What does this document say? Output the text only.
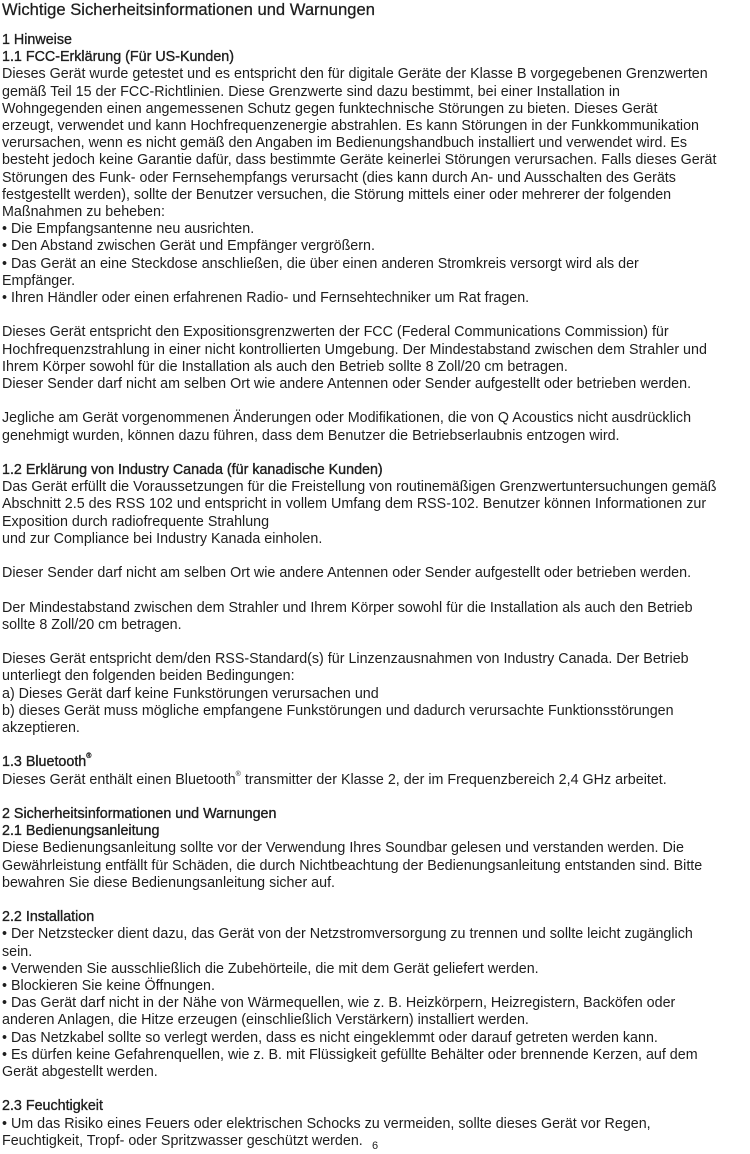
Wichtige Sicherheitsinformationen und Warnungen
1 Hinweise
1.1 FCC-Erklärung (Für US-Kunden)

Dieses Gerät wurde getestet und es entspricht den für digitale Geräte der Klasse B vorgegebenen Grenzwerten

gemäß Teil 15 der FCC-Richtlinien. Diese Grenzwerte sind dazu bestimmt, bei einer Installation in

Wohngegenden einen angemessenen Schutz gegen funktechnische Störungen zu bieten. Dieses Gerät

erzeugt, verwendet und kann Hochfrequenzenergie abstrahlen. Es kann Störungen in der Funkkommunikation

verursachen, wenn es nicht gemäß den Angaben im Bedienungshandbuch installiert und verwendet wird. Es

besteht jedoch keine Garantie dafür, dass bestimmte Geräte keinerlei Störungen verursachen. Falls dieses Gerät

Störungen des Funk- oder Fernsehempfangs verursacht (dies kann durch An- und Ausschalten des Geräts

festgestellt werden), sollte der Benutzer versuchen, die Störung mittels einer oder mehrerer der folgenden

Maßnahmen zu beheben:

• Die Empfangsantenne neu ausrichten.

• Den Abstand zwischen Gerät und Empfänger vergrößern.

• Das Gerät an eine Steckdose anschließen, die über einen anderen Stromkreis versorgt wird als der

Empfänger.

• Ihren Händler oder einen erfahrenen Radio- und Fernsehtechniker um Rat fragen.

Dieses Gerät entspricht den Expositionsgrenzwerten der FCC (Federal Communications Commission) für

Hochfrequenzstrahlung in einer nicht kontrollierten Umgebung. Der Mindestabstand zwischen dem Strahler und

Ihrem Körper sowohl für die Installation als auch den Betrieb sollte 8 Zoll/20 cm betragen.

Dieser Sender darf nicht am selben Ort wie andere Antennen oder Sender aufgestellt oder betrieben werden.

Jegliche am Gerät vorgenommenen Änderungen oder Modifikationen, die von Q Acoustics nicht ausdrücklich

genehmigt wurden, können dazu führen, dass dem Benutzer die Betriebserlaubnis entzogen wird.

1.2 Erklärung von Industry Canada (für kanadische Kunden)

Das Gerät erfüllt die Voraussetzungen für die Freistellung von routinemäßigen Grenzwertuntersuchungen gemäß

Abschnitt 2.5 des RSS 102 und entspricht in vollem Umfang dem RSS-102. Benutzer können Informationen zur

Exposition durch radiofrequente Strahlung

und zur Compliance bei Industry Kanada einholen.

Dieser Sender darf nicht am selben Ort wie andere Antennen oder Sender aufgestellt oder betrieben werden.

Der Mindestabstand zwischen dem Strahler und Ihrem Körper sowohl für die Installation als auch den Betrieb

sollte 8 Zoll/20 cm betragen.

Dieses Gerät entspricht dem/den RSS-Standard(s) für Linzenzausnahmen von Industry Canada. Der Betrieb

unterliegt den folgenden beiden Bedingungen:

a) Dieses Gerät darf keine Funkstörungen verursachen und

b) dieses Gerät muss mögliche empfangene Funkstörungen und dadurch verursachte Funktionsstörungen

akzeptieren.

1.3 Bluetooth®

Dieses Gerät enthält einen Bluetooth® transmitter der Klasse 2, der im Frequenzbereich 2,4 GHz arbeitet.

2 Sicherheitsinformationen und Warnungen
2.1 Bedienungsanleitung

Diese Bedienungsanleitung sollte vor der Verwendung Ihres Soundbar gelesen und verstanden werden. Die

Gewährleistung entfällt für Schäden, die durch Nichtbeachtung der Bedienungsanleitung entstanden sind. Bitte

bewahren Sie diese Bedienungsanleitung sicher auf.

2.2 Installation

• Der Netzstecker dient dazu, das Gerät von der Netzstromversorgung zu trennen und sollte leicht zugänglich

sein.

• Verwenden Sie ausschließlich die Zubehörteile, die mit dem Gerät geliefert werden.

• Blockieren Sie keine Öffnungen.

• Das Gerät darf nicht in der Nähe von Wärmequellen, wie z. B. Heizkörpern, Heizregistern, Backöfen oder

anderen Anlagen, die Hitze erzeugen (einschließlich Verstärkern) installiert werden.

• Das Netzkabel sollte so verlegt werden, dass es nicht eingeklemmt oder darauf getreten werden kann.

• Es dürfen keine Gefahrenquellen, wie z. B. mit Flüssigkeit gefüllte Behälter oder brennende Kerzen, auf dem

Gerät abgestellt werden.

2.3 Feuchtigkeit

• Um das Risiko eines Feuers oder elektrischen Schocks zu vermeiden, sollte dieses Gerät vor Regen,

Feuchtigkeit, Tropf- oder Spritzwasser geschützt werden. 6
